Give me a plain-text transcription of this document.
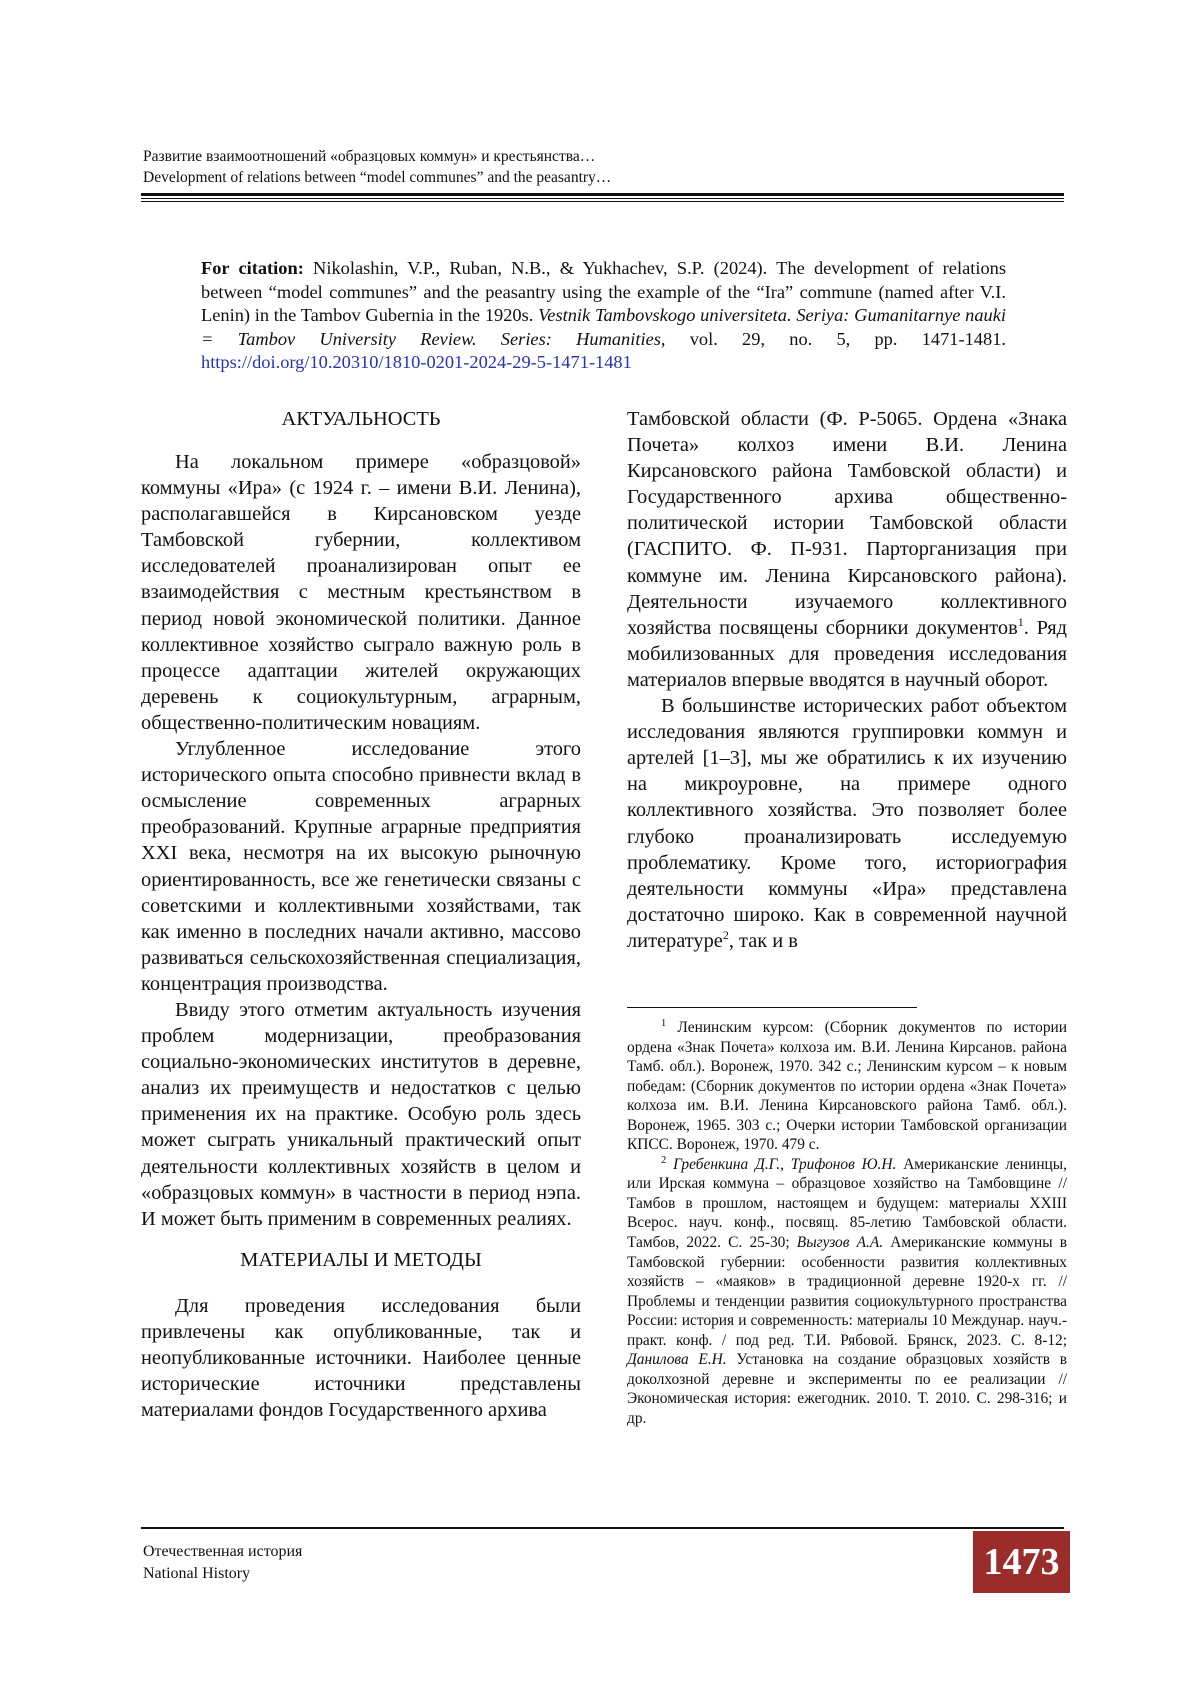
Развитие взаимоотношений «образцовых коммун» и крестьянства…
Development of relations between “model communes” and the peasantry…
For citation: Nikolashin, V.P., Ruban, N.B., & Yukhachev, S.P. (2024). The development of relations between “model communes” and the peasantry using the example of the “Ira” commune (named after V.I. Lenin) in the Tambov Gubernia in the 1920s. Vestnik Tambovskogo universiteta. Seriya: Gumanitarnye nauki = Tambov University Review. Series: Humanities, vol. 29, no. 5, pp. 1471-1481. https://doi.org/10.20310/1810-0201-2024-29-5-1471-1481
АКТУАЛЬНОСТЬ

На локальном примере «образцовой» коммуны «Ира» (с 1924 г. – имени В.И. Ленина), располагавшейся в Кирсановском уезде Тамбовской губернии, коллективом исследователей проанализирован опыт ее взаимодействия с местным крестьянством в период новой экономической политики. Данное коллективное хозяйство сыграло важную роль в процессе адаптации жителей окружающих деревень к социокультурным, аграрным, общественно-политическим новациям.

Углубленное исследование этого исторического опыта способно привнести вклад в осмысление современных аграрных преобразований. Крупные аграрные предприятия XXI века, несмотря на их высокую рыночную ориентированность, все же генетически связаны с советскими и коллективными хозяйствами, так как именно в последних начали активно, массово развиваться сельскохозяйственная специализация, концентрация производства.

Ввиду этого отметим актуальность изучения проблем модернизации, преобразования социально-экономических институтов в деревне, анализ их преимуществ и недостатков с целью применения их на практике. Особую роль здесь может сыграть уникальный практический опыт деятельности коллективных хозяйств в целом и «образцовых коммун» в частности в период нэпа. И может быть применим в современных реалиях.

МАТЕРИАЛЫ И МЕТОДЫ

Для проведения исследования были привлечены как опубликованные, так и неопубликованные источники. Наиболее ценные исторические источники представлены материалами фондов Государственного архива

Тамбовской области (Ф. Р-5065. Ордена «Знака Почета» колхоз имени В.И. Ленина Кирсановского района Тамбовской области) и Государственного архива общественно-политической истории Тамбовской области (ГАСПИТО. Ф. П-931. Парторганизация при коммуне им. Ленина Кирсановского района). Деятельности изучаемого коллективного хозяйства посвящены сборники документов$^1$. Ряд мобилизованных для проведения исследования материалов впервые вводятся в научный оборот.

В большинстве исторических работ объектом исследования являются группировки коммун и артелей [1–3], мы же обратились к их изучению на микроуровне, на примере одного коллективного хозяйства. Это позволяет более глубоко проанализировать исследуемую проблематику. Кроме того, историография деятельности коммуны «Ира» представлена достаточно широко. Как в современной научной литературе$^2$, так и в

$^1$ Ленинским курсом: (Сборник документов по истории ордена «Знак Почета» колхоза им. В.И. Ленина Кирсанов. района Тамб. обл.). Воронеж, 1970. 342 с.; Ленинским курсом – к новым победам: (Сборник документов по истории ордена «Знак Почета» колхоза им. В.И. Ленина Кирсановского района Тамб. обл.). Воронеж, 1965. 303 с.; Очерки истории Тамбовской организации КПСС. Воронеж, 1970. 479 с.

$^2$ Гребенкина Д.Г., Трифонов Ю.Н. Американские ленинцы, или Ирская коммуна – образцовое хозяйство на Тамбовщине // Тамбов в прошлом, настоящем и будущем: материалы XXIII Всерос. науч. конф., посвящ. 85-летию Тамбовской области. Тамбов, 2022. С. 25-30; Выгузов А.А. Американские коммуны в Тамбовской губернии: особенности развития коллективных хозяйств – «маяков» в традиционной деревне 1920-х гг. // Проблемы и тенденции развития социокультурного пространства России: история и современность: материалы 10 Междунар. науч.-практ. конф. / под ред. Т.И. Рябовой. Брянск, 2023. С. 8-12; Данилова Е.Н. Установка на создание образцовых хозяйств в доколхозной деревне и эксперименты по ее реализации // Экономическая история: ежегодник. 2010. Т. 2010. С. 298-316; и др.

Отечественная история
National History	1473
